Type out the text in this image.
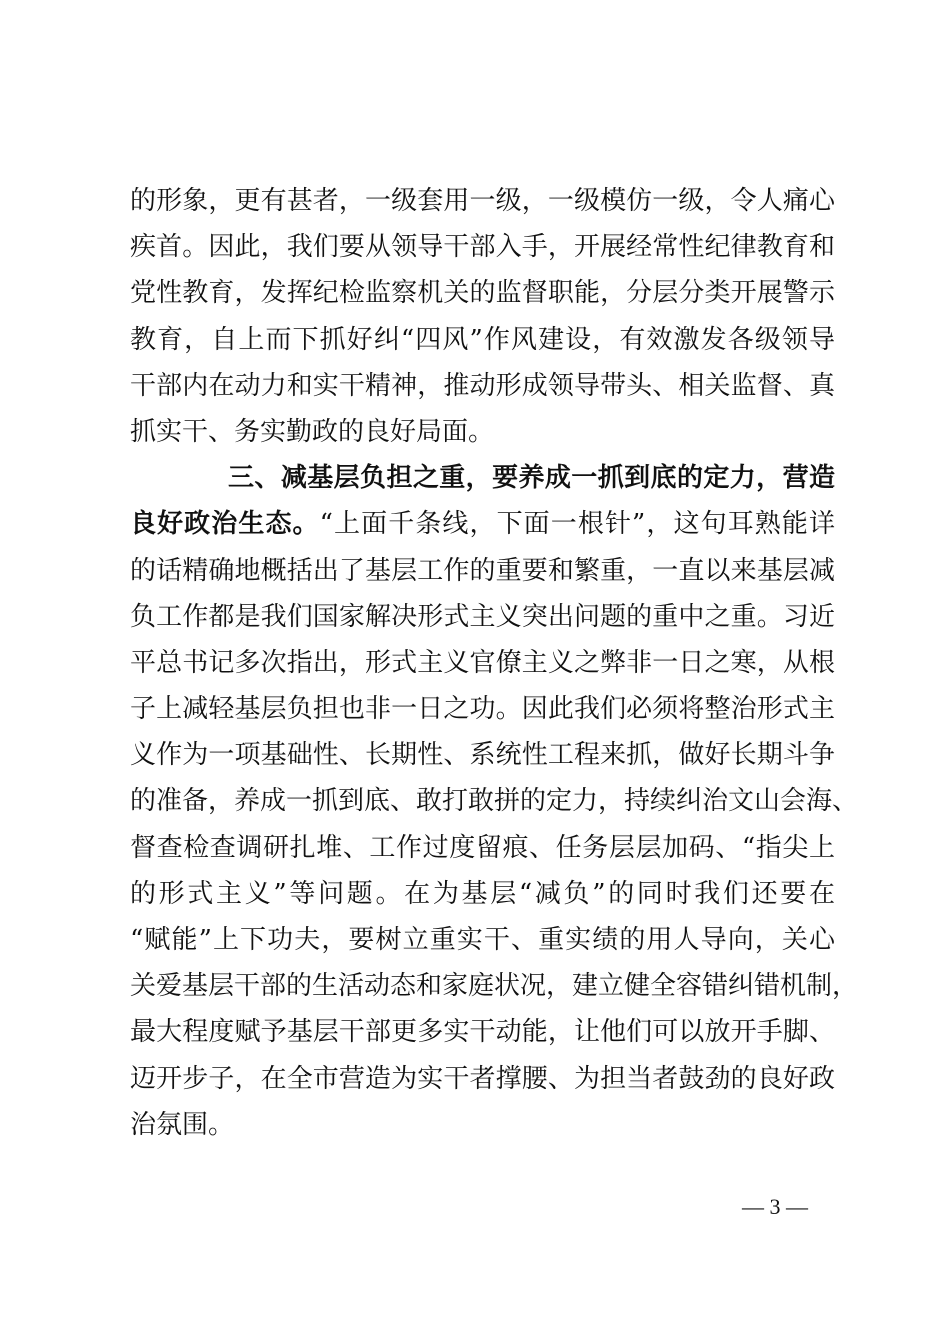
的形象，更有甚者，一级套用一级，一级模仿一级，令人痛心
疾首。因此，我们要从领导干部入手，开展经常性纪律教育和
党性教育，发挥纪检监察机关的监督职能，分层分类开展警示
教育，自上而下抓好纠“四风”作风建设，有效激发各级领导
干部内在动力和实干精神，推动形成领导带头、相关监督、真
抓实干、务实勤政的良好局面。
三、减基层负担之重，要养成一抓到底的定力，营造
良好政治生态。“上面千条线，下面一根针”，这句耳熟能详
的话精确地概括出了基层工作的重要和繁重，一直以来基层减
负工作都是我们国家解决形式主义突出问题的重中之重。习近
平总书记多次指出，形式主义官僚主义之弊非一日之寒，从根
子上减轻基层负担也非一日之功。因此我们必须将整治形式主
义作为一项基础性、长期性、系统性工程来抓，做好长期斗争
的准备，养成一抓到底、敢打敢拼的定力，持续纠治文山会海、
督查检查调研扎堆、工作过度留痕、任务层层加码、“指尖上
的形式主义”等问题。在为基层“减负”的同时我们还要在
“赋能”上下功夫，要树立重实干、重实绩的用人导向，关心
关爱基层干部的生活动态和家庭状况，建立健全容错纠错机制，
最大程度赋予基层干部更多实干动能，让他们可以放开手脚、
迈开步子，在全市营造为实干者撑腰、为担当者鼓劲的良好政
治氛围。
— 3 —
